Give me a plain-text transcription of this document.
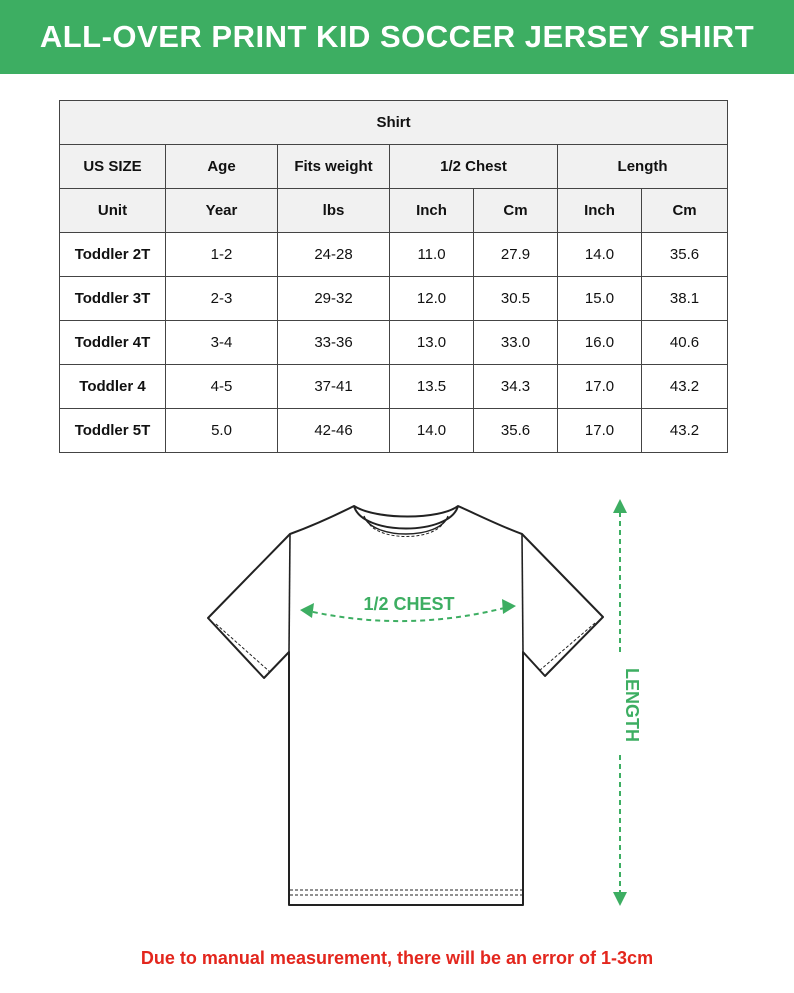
ALL-OVER PRINT KID SOCCER JERSEY SHIRT
Shirt						
US SIZE	Age	Fits weight	1/2 Chest		Length	
Unit	Year	lbs	Inch	Cm	Inch	Cm
Toddler 2T	1-2	24-28	11.0	27.9	14.0	35.6
Toddler 3T	2-3	29-32	12.0	30.5	15.0	38.1
Toddler 4T	3-4	33-36	13.0	33.0	16.0	40.6
Toddler 4	4-5	37-41	13.5	34.3	17.0	43.2
Toddler 5T	5.0	42-46	14.0	35.6	17.0	43.2
1/2 CHEST
LENGTH
Due to manual measurement, there will be an error of 1-3cm
